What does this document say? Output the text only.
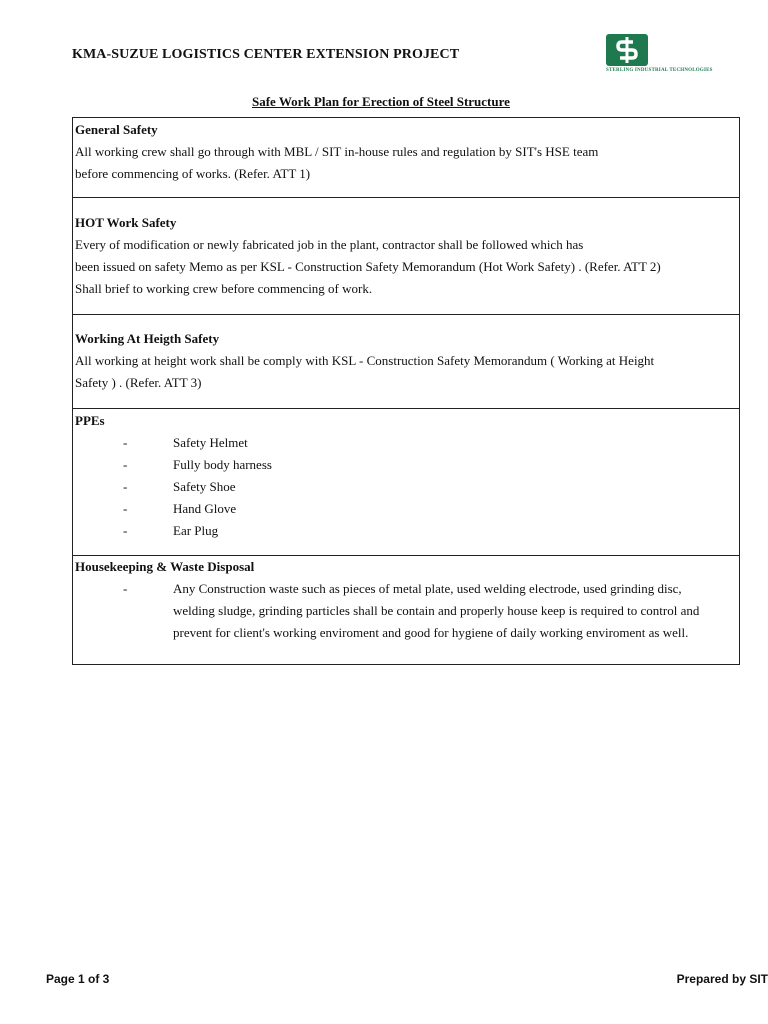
KMA-SUZUE LOGISTICS CENTER EXTENSION PROJECT
STERLING INDUSTRIAL TECHNOLOGIES
Safe Work Plan for Erection of Steel Structure
General Safety
All working crew shall go through with MBL / SIT in-house rules and regulation by SIT's HSE team
before commencing of works. (Refer. ATT 1)
HOT Work Safety
Every of modification or newly fabricated job in the plant, contractor shall be followed which has
been issued on safety Memo as per KSL - Construction Safety Memorandum (Hot Work Safety) . (Refer. ATT 2)
Shall brief to working crew before commencing of work.
Working At Heigth Safety
All working at height work shall be comply with KSL - Construction Safety Memorandum ( Working at Height
Safety ) . (Refer. ATT 3)
PPEs
-	Safety Helmet
-	Fully body harness
-	Safety Shoe
-	Hand Glove
-	Ear Plug
Housekeeping & Waste Disposal
-	Any Construction waste such as pieces of metal plate, used welding electrode, used grinding disc, welding sludge, grinding particles shall be contain and properly house keep is required to control and prevent for client's working enviroment and good for hygiene of daily working enviroment as well.
Page 1 of 3	Prepared by SIT
